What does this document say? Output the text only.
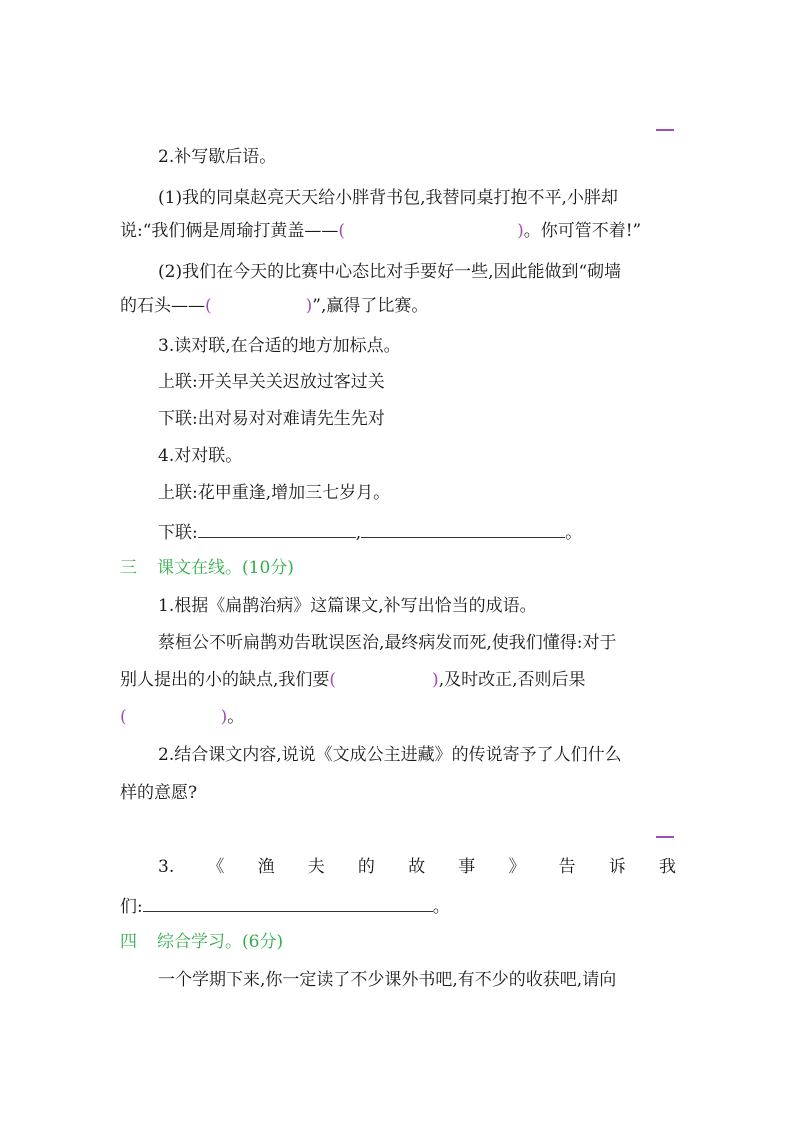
2.补写歇后语。
(1)我的同桌赵亮天天给小胖背书包,我替同桌打抱不平,小胖却
说:“我们俩是周瑜打黄盖——(	)。你可管不着!”
(2)我们在今天的比赛中心态比对手要好一些,因此能做到“砌墙
的石头——(	)”,赢得了比赛。
3.读对联,在合适的地方加标点。
上联:开关早关关迟放过客过关
下联:出对易对对难请先生先对
4.对对联。
上联:花甲重逢,增加三七岁月。
下联:	,	。
三 课文在线。(10分)
1.根据《扁鹊治病》这篇课文,补写出恰当的成语。
蔡桓公不听扁鹊劝告耽误医治,最终病发而死,使我们懂得:对于
别人提出的小的缺点,我们要(	),及时改正,否则后果
(	)。
2.结合课文内容,说说《文成公主进藏》的传说寄予了人们什么
样的意愿?
3. 《 渔 夫 的 故 事 》 告 诉 我
们:	。
四 综合学习。(6分)
一个学期下来,你一定读了不少课外书吧,有不少的收获吧,请向
